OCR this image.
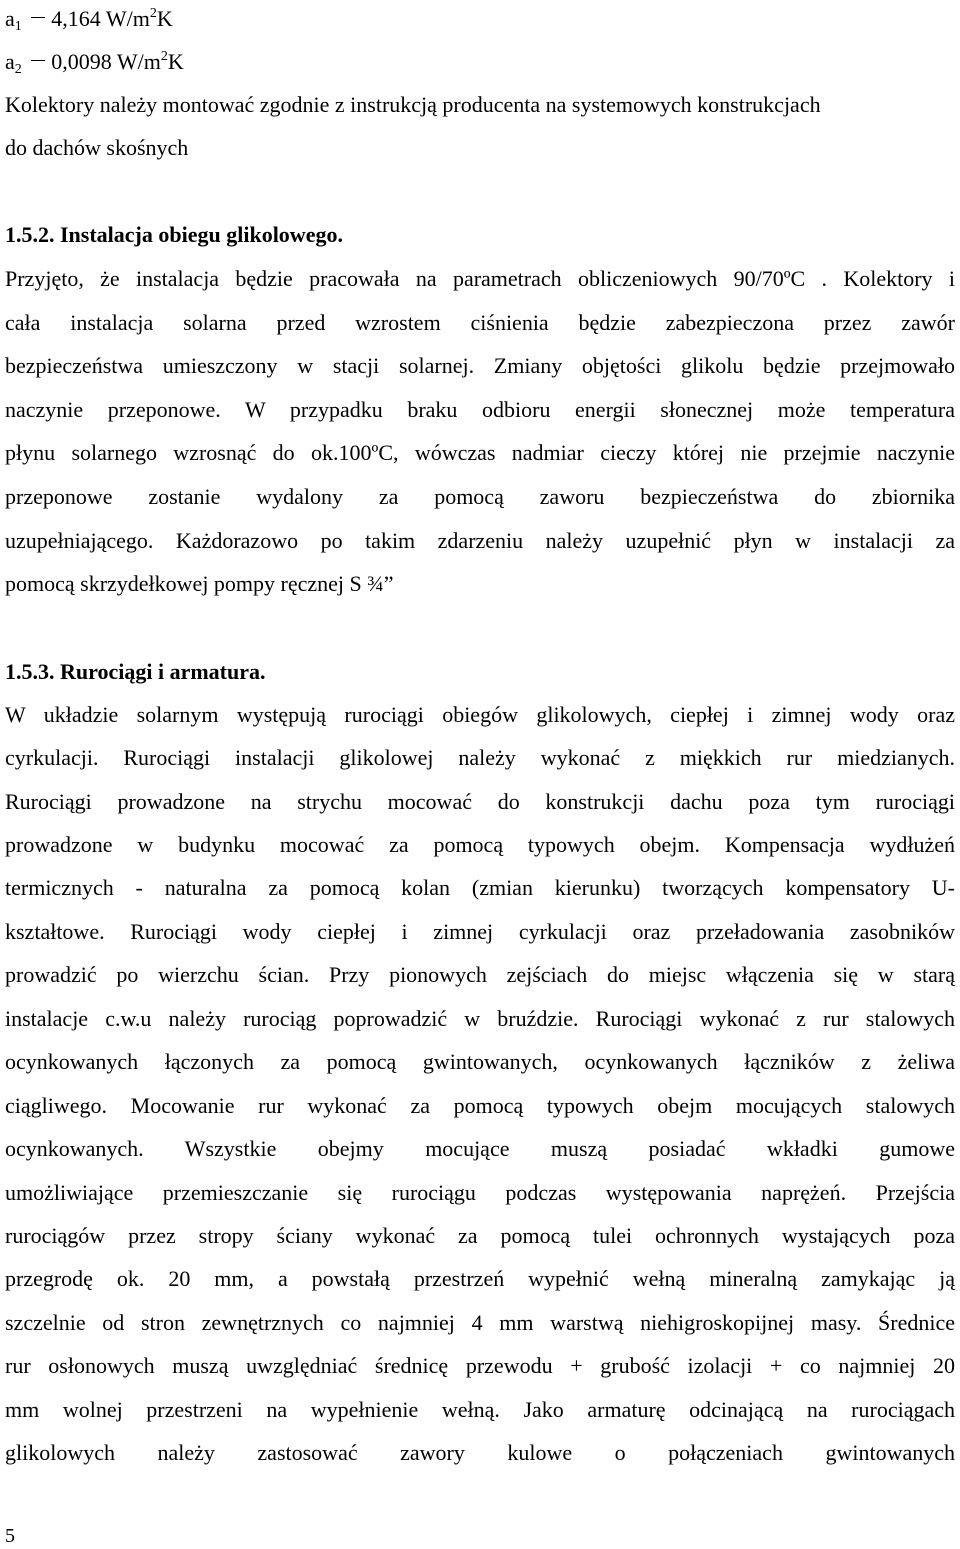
a1 4,164 $W/m^2K$
a2 0,0098 $W/m^2K$
Kolektory należy montować zgodnie z instrukcją producenta na systemowych konstrukcjach
do dachów skośnych
1.5.2. Instalacja obiegu glikolowego.
Przyjęto, że instalacja będzie pracowała na parametrach obliczeniowych 90/70ºC . Kolektory i
cała instalacja solarna przed wzrostem ciśnienia będzie zabezpieczona przez zawór
bezpieczeństwa umieszczony w stacji solarnej. Zmiany objętości glikolu będzie przejmowało
naczynie przeponowe. W przypadku braku odbioru energii słonecznej może temperatura
płynu solarnego wzrosnąć do ok.100ºC, wówczas nadmiar cieczy której nie przejmie naczynie
przeponowe zostanie wydalony za pomocą zaworu bezpieczeństwa do zbiornika
uzupełniającego. Każdorazowo po takim zdarzeniu należy uzupełnić płyn w instalacji za
pomocą skrzydełkowej pompy ręcznej S ¾”
1.5.3. Rurociągi i armatura.
W układzie solarnym występują rurociągi obiegów glikolowych, ciepłej i zimnej wody oraz
cyrkulacji. Rurociągi instalacji glikolowej należy wykonać z miękkich rur miedzianych.
Rurociągi prowadzone na strychu mocować do konstrukcji dachu poza tym rurociągi
prowadzone w budynku mocować za pomocą typowych obejm. Kompensacja wydłużeń
termicznych - naturalna za pomocą kolan (zmian kierunku) tworzących kompensatory U-
kształtowe. Rurociągi wody ciepłej i zimnej cyrkulacji oraz przeładowania zasobników
prowadzić po wierzchu ścian. Przy pionowych zejściach do miejsc włączenia się w starą
instalacje c.w.u należy rurociąg poprowadzić w bruździe. Rurociągi wykonać z rur stalowych
ocynkowanych łączonych za pomocą gwintowanych, ocynkowanych łączników z żeliwa
ciągliwego. Mocowanie rur wykonać za pomocą typowych obejm mocujących stalowych
ocynkowanych. Wszystkie obejmy mocujące muszą posiadać wkładki gumowe
umożliwiające przemieszczanie się rurociągu podczas występowania naprężeń. Przejścia
rurociągów przez stropy ściany wykonać za pomocą tulei ochronnych wystających poza
przegrodę ok. 20 mm, a powstałą przestrzeń wypełnić wełną mineralną zamykając ją
szczelnie od stron zewnętrznych co najmniej 4 mm warstwą niehigroskopijnej masy. Średnice
rur osłonowych muszą uwzględniać średnicę przewodu + grubość izolacji + co najmniej 20
mm wolnej przestrzeni na wypełnienie wełną. Jako armaturę odcinającą na rurociągach
glikolowych należy zastosować zawory kulowe o połączeniach gwintowanych
5
